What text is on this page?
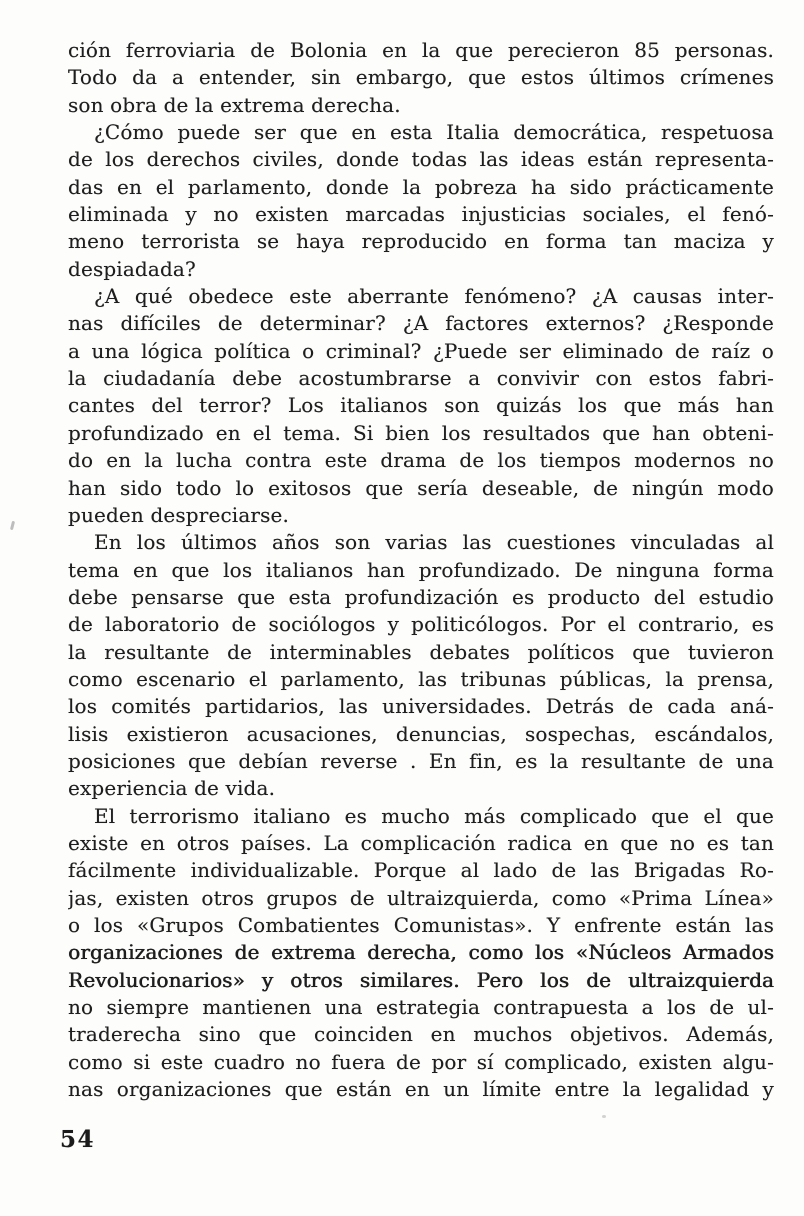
ción ferroviaria de Bolonia en la que perecieron 85 personas.
Todo da a entender, sin embargo, que estos últimos crímenes
son obra de la extrema derecha.
¿Cómo puede ser que en esta Italia democrática, respetuosa
de los derechos civiles, donde todas las ideas están representa-
das en el parlamento, donde la pobreza ha sido prácticamente
eliminada y no existen marcadas injusticias sociales, el fenó-
meno terrorista se haya reproducido en forma tan maciza y
despiadada?
¿A qué obedece este aberrante fenómeno? ¿A causas inter-
nas difíciles de determinar? ¿A factores externos? ¿Responde
a una lógica política o criminal? ¿Puede ser eliminado de raíz o
la ciudadanía debe acostumbrarse a convivir con estos fabri-
cantes del terror? Los italianos son quizás los que más han
profundizado en el tema. Si bien los resultados que han obteni-
do en la lucha contra este drama de los tiempos modernos no
han sido todo lo exitosos que sería deseable, de ningún modo
pueden despreciarse.
En los últimos años son varias las cuestiones vinculadas al
tema en que los italianos han profundizado. De ninguna forma
debe pensarse que esta profundización es producto del estudio
de laboratorio de sociólogos y politicólogos. Por el contrario, es
la resultante de interminables debates políticos que tuvieron
como escenario el parlamento, las tribunas públicas, la prensa,
los comités partidarios, las universidades. Detrás de cada aná-
lisis existieron acusaciones, denuncias, sospechas, escándalos,
posiciones que debían reverse . En fin, es la resultante de una
experiencia de vida.
El terrorismo italiano es mucho más complicado que el que
existe en otros países. La complicación radica en que no es tan
fácilmente individualizable. Porque al lado de las Brigadas Ro-
jas, existen otros grupos de ultraizquierda, como «Prima Línea»
o los «Grupos Combatientes Comunistas». Y enfrente están las
organizaciones de extrema derecha, como los «Núcleos Armados
Revolucionarios» y otros similares. Pero los de ultraizquierda
no siempre mantienen una estrategia contrapuesta a los de ul-
traderecha sino que coinciden en muchos objetivos. Además,
como si este cuadro no fuera de por sí complicado, existen algu-
nas organizaciones que están en un límite entre la legalidad y
54
